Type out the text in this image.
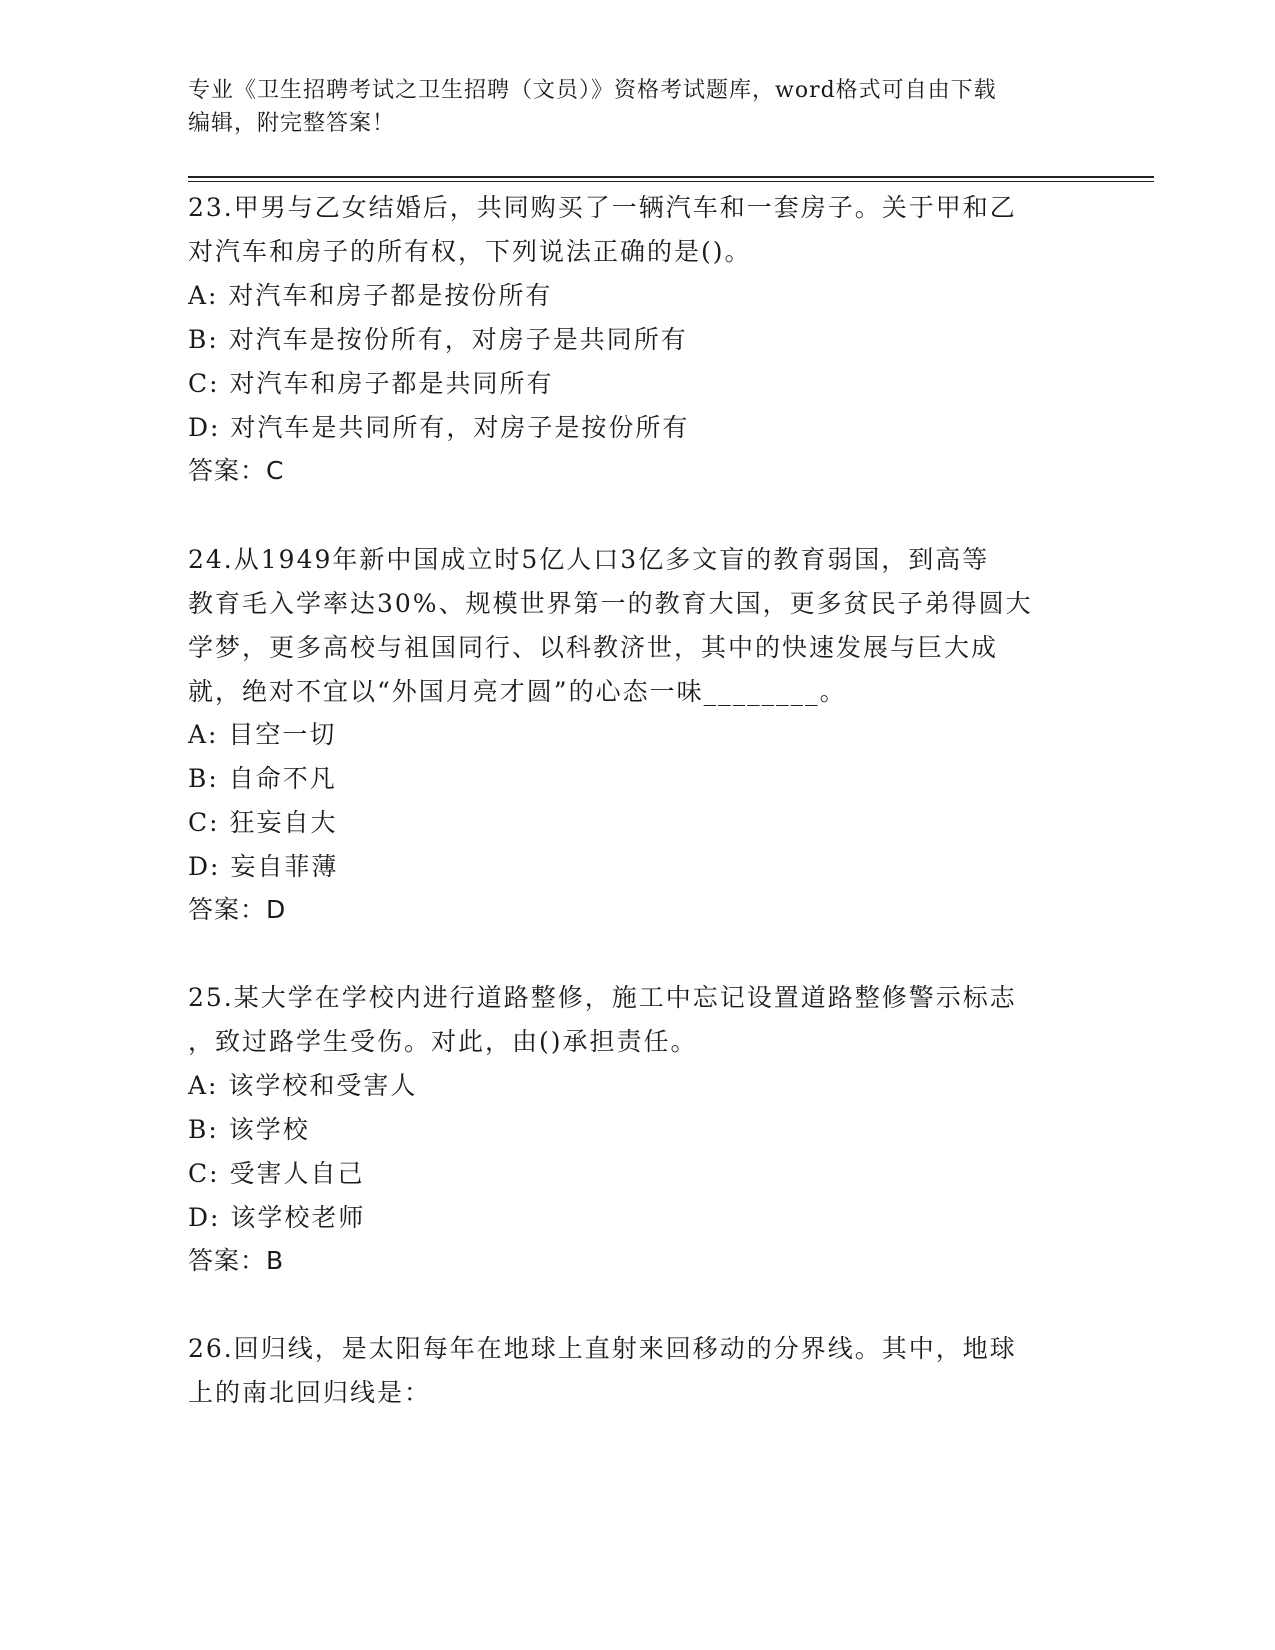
专业《卫生招聘考试之卫生招聘（文员）》资格考试题库，word格式可自由下载
编辑，附完整答案！
23.甲男与乙女结婚后，共同购买了一辆汽车和一套房子。关于甲和乙
对汽车和房子的所有权，下列说法正确的是()。
A: 对汽车和房子都是按份所有
B: 对汽车是按份所有，对房子是共同所有
C: 对汽车和房子都是共同所有
D: 对汽车是共同所有，对房子是按份所有
答案：C
24.从1949年新中国成立时5亿人口3亿多文盲的教育弱国，到高等
教育毛入学率达30%、规模世界第一的教育大国，更多贫民子弟得圆大
学梦，更多高校与祖国同行、以科教济世，其中的快速发展与巨大成
就，绝对不宜以“外国月亮才圆”的心态一味________。
A: 目空一切
B: 自命不凡
C: 狂妄自大
D: 妄自菲薄
答案：D
25.某大学在学校内进行道路整修，施工中忘记设置道路整修警示标志
，致过路学生受伤。对此，由()承担责任。
A: 该学校和受害人
B: 该学校
C: 受害人自己
D: 该学校老师
答案：B
26.回归线，是太阳每年在地球上直射来回移动的分界线。其中，地球
上的南北回归线是：
